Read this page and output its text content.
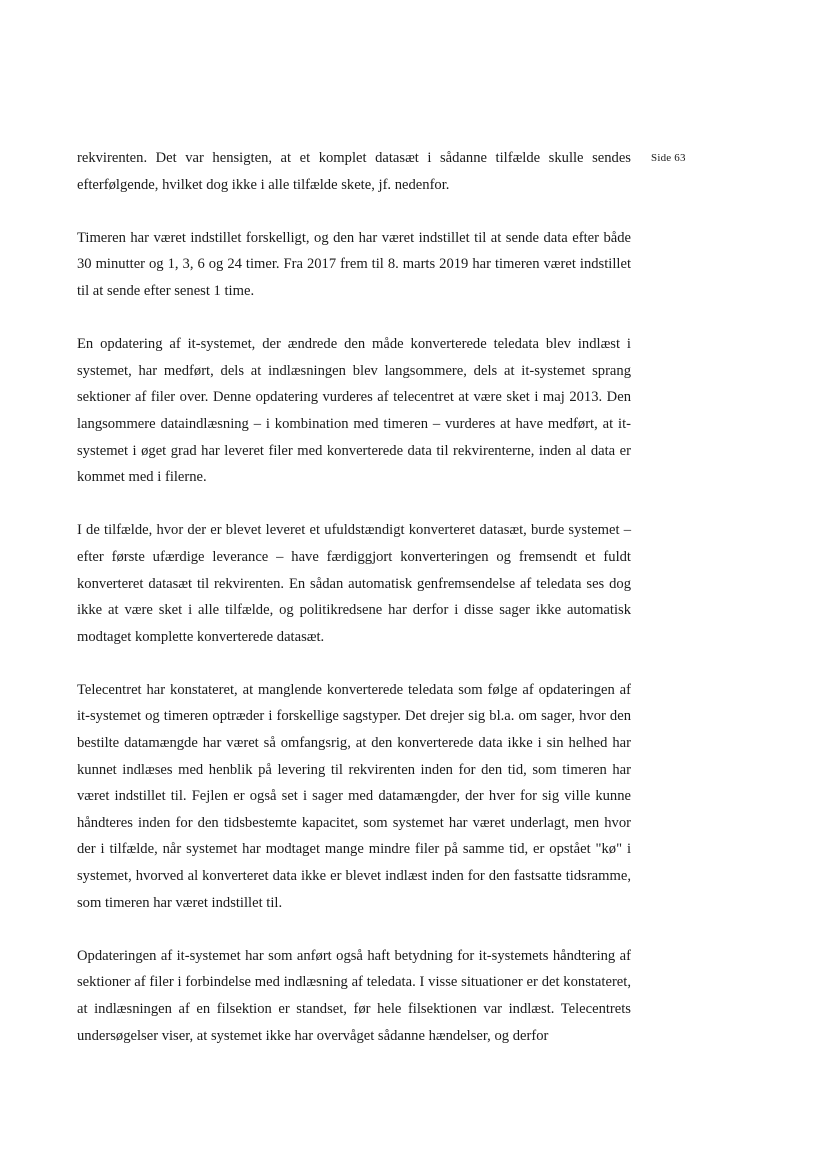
Side 63

rekvirenten. Det var hensigten, at et komplet datasæt i sådanne tilfælde skulle sendes efterfølgende, hvilket dog ikke i alle tilfælde skete, jf. nedenfor.

Timeren har været indstillet forskelligt, og den har været indstillet til at sende data efter både 30 minutter og 1, 3, 6 og 24 timer. Fra 2017 frem til 8. marts 2019 har timeren været indstillet til at sende efter senest 1 time.

En opdatering af it-systemet, der ændrede den måde konverterede teledata blev indlæst i systemet, har medført, dels at indlæsningen blev langsommere, dels at it-systemet sprang sektioner af filer over. Denne opdatering vurderes af telecentret at være sket i maj 2013. Den langsommere dataindlæsning – i kombination med timeren – vurderes at have medført, at it-systemet i øget grad har leveret filer med konverterede data til rekvirenterne, inden al data er kommet med i filerne.

I de tilfælde, hvor der er blevet leveret et ufuldstændigt konverteret datasæt, burde systemet – efter første ufærdige leverance – have færdiggjort konverteringen og fremsendt et fuldt konverteret datasæt til rekvirenten. En sådan automatisk genfremsendelse af teledata ses dog ikke at være sket i alle tilfælde, og politikredsene har derfor i disse sager ikke automatisk modtaget komplette konverterede datasæt.

Telecentret har konstateret, at manglende konverterede teledata som følge af opdateringen af it-systemet og timeren optræder i forskellige sagstyper. Det drejer sig bl.a. om sager, hvor den bestilte datamængde har været så omfangsrig, at den konverterede data ikke i sin helhed har kunnet indlæses med henblik på levering til rekvirenten inden for den tid, som timeren har været indstillet til. Fejlen er også set i sager med datamængder, der hver for sig ville kunne håndteres inden for den tidsbestemte kapacitet, som systemet har været underlagt, men hvor der i tilfælde, når systemet har modtaget mange mindre filer på samme tid, er opstået "kø" i systemet, hvorved al konverteret data ikke er blevet indlæst inden for den fastsatte tidsramme, som timeren har været indstillet til.

Opdateringen af it-systemet har som anført også haft betydning for it-systemets håndtering af sektioner af filer i forbindelse med indlæsning af teledata. I visse situationer er det konstateret, at indlæsningen af en filsektion er standset, før hele filsektionen var indlæst. Telecentrets undersøgelser viser, at systemet ikke har overvåget sådanne hændelser, og derfor
